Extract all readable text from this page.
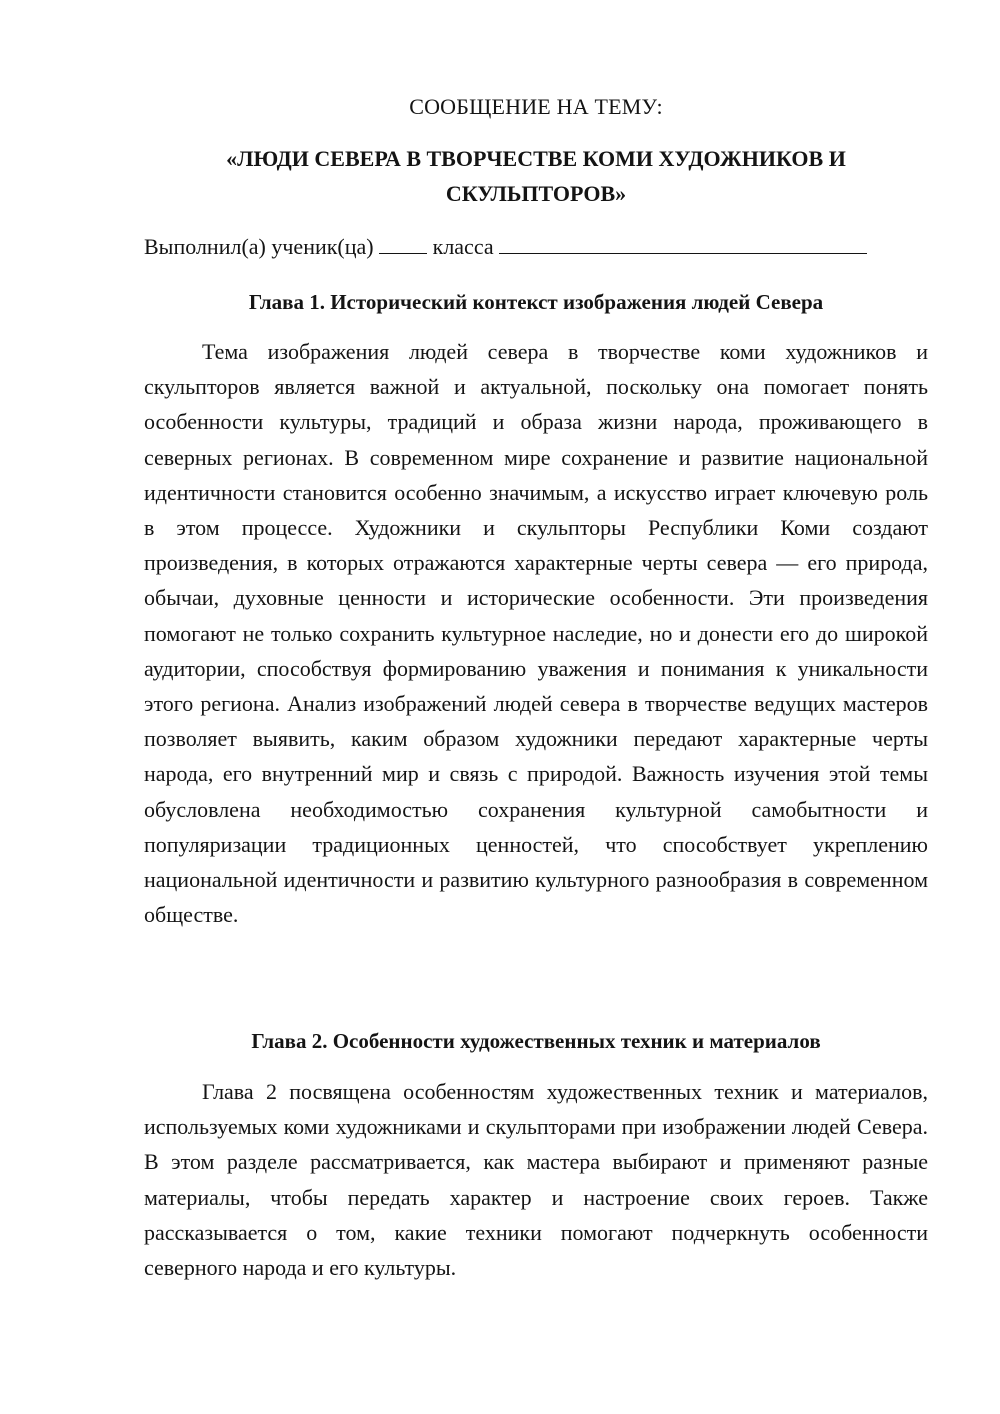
СООБЩЕНИЕ НА ТЕМУ:
«ЛЮДИ СЕВЕРА В ТВОРЧЕСТВЕ КОМИ ХУДОЖНИКОВ И
СКУЛЬПТОРОВ»
Выполнил(а) ученик(ца)	класса
Глава 1. Исторический контекст изображения людей Севера

Тема изображения людей севера в творчестве коми художников и скульпторов является важной и актуальной, поскольку она помогает понять особенности культуры, традиций и образа жизни народа, проживающего в северных регионах. В современном мире сохранение и развитие национальной идентичности становится особенно значимым, а искусство играет ключевую роль в этом процессе. Художники и скульпторы Республики Коми создают произведения, в которых отражаются характерные черты севера — его природа, обычаи, духовные ценности и исторические особенности. Эти произведения помогают не только сохранить культурное наследие, но и донести его до широкой аудитории, способствуя формированию уважения и понимания к уникальности этого региона. Анализ изображений людей севера в творчестве ведущих мастеров позволяет выявить, каким образом художники передают характерные черты народа, его внутренний мир и связь с природой. Важность изучения этой темы обусловлена необходимостью сохранения культурной самобытности и популяризации традиционных ценностей, что способствует укреплению национальной идентичности и развитию культурного разнообразия в современном обществе.

Глава 2. Особенности художественных техник и материалов

Глава 2 посвящена особенностям художественных техник и материалов, используемых коми художниками и скульпторами при изображении людей Севера. В этом разделе рассматривается, как мастера выбирают и применяют разные материалы, чтобы передать характер и настроение своих героев. Также рассказывается о том, какие техники помогают подчеркнуть особенности северного народа и его культуры.
